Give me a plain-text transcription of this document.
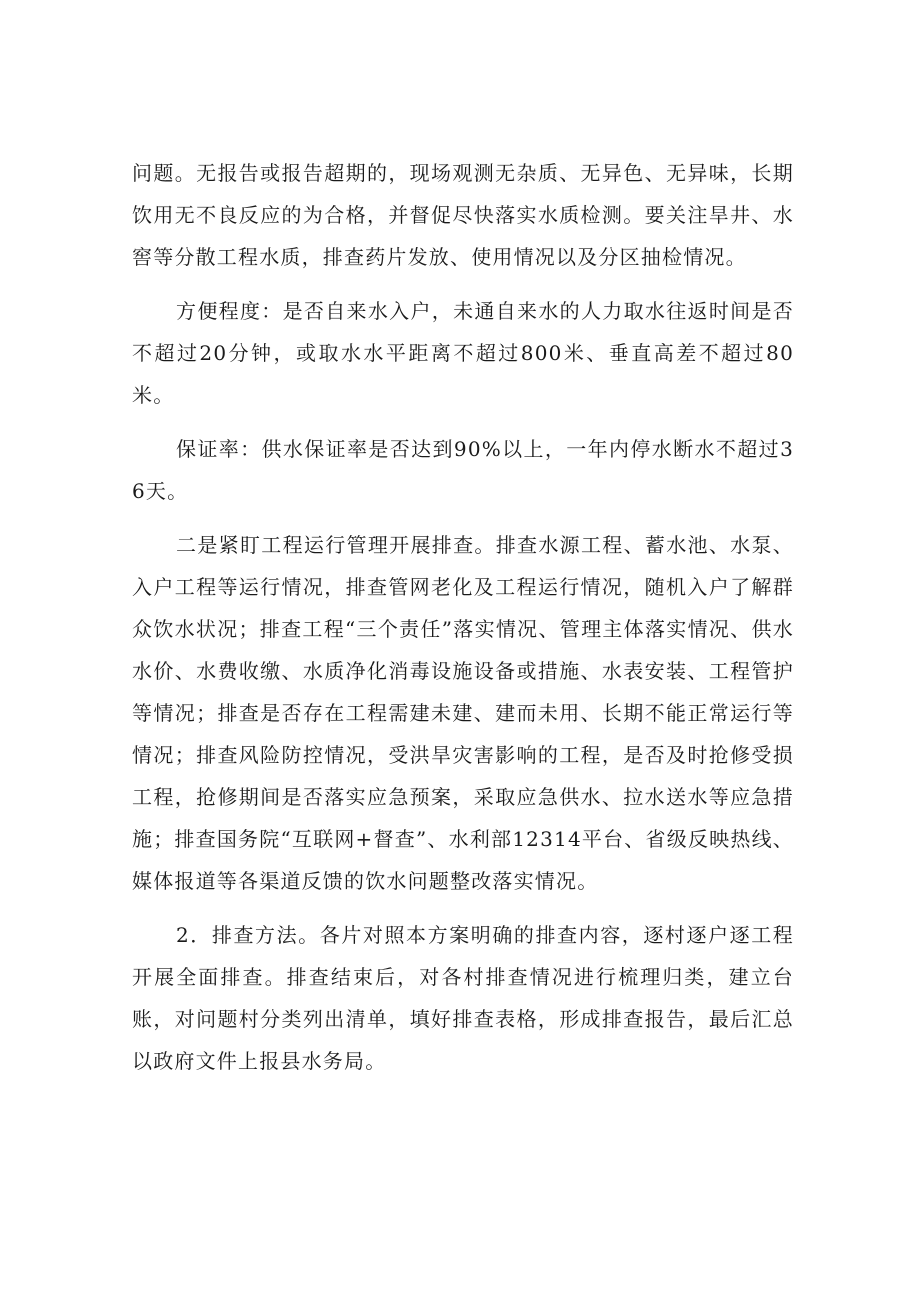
问题。无报告或报告超期的，现场观测无杂质、无异色、无异味，长期饮用无不良反应的为合格，并督促尽快落实水质检测。要关注旱井、水窖等分散工程水质，排查药片发放、使用情况以及分区抽检情况。

方便程度：是否自来水入户，未通自来水的人力取水往返时间是否不超过20分钟，或取水水平距离不超过800米、垂直高差不超过80米。

保证率：供水保证率是否达到90%以上，一年内停水断水不超过36天。

二是紧盯工程运行管理开展排查。排查水源工程、蓄水池、水泵、入户工程等运行情况，排查管网老化及工程运行情况，随机入户了解群众饮水状况；排查工程“三个责任”落实情况、管理主体落实情况、供水水价、水费收缴、水质净化消毒设施设备或措施、水表安装、工程管护等情况；排查是否存在工程需建未建、建而未用、长期不能正常运行等情况；排查风险防控情况，受洪旱灾害影响的工程，是否及时抢修受损工程，抢修期间是否落实应急预案，采取应急供水、拉水送水等应急措施；排查国务院“互联网+督查”、水利部12314平台、省级反映热线、媒体报道等各渠道反馈的饮水问题整改落实情况。

2．排查方法。各片对照本方案明确的排查内容，逐村逐户逐工程开展全面排查。排查结束后，对各村排查情况进行梳理归类，建立台账，对问题村分类列出清单，填好排查表格，形成排查报告，最后汇总以政府文件上报县水务局。
